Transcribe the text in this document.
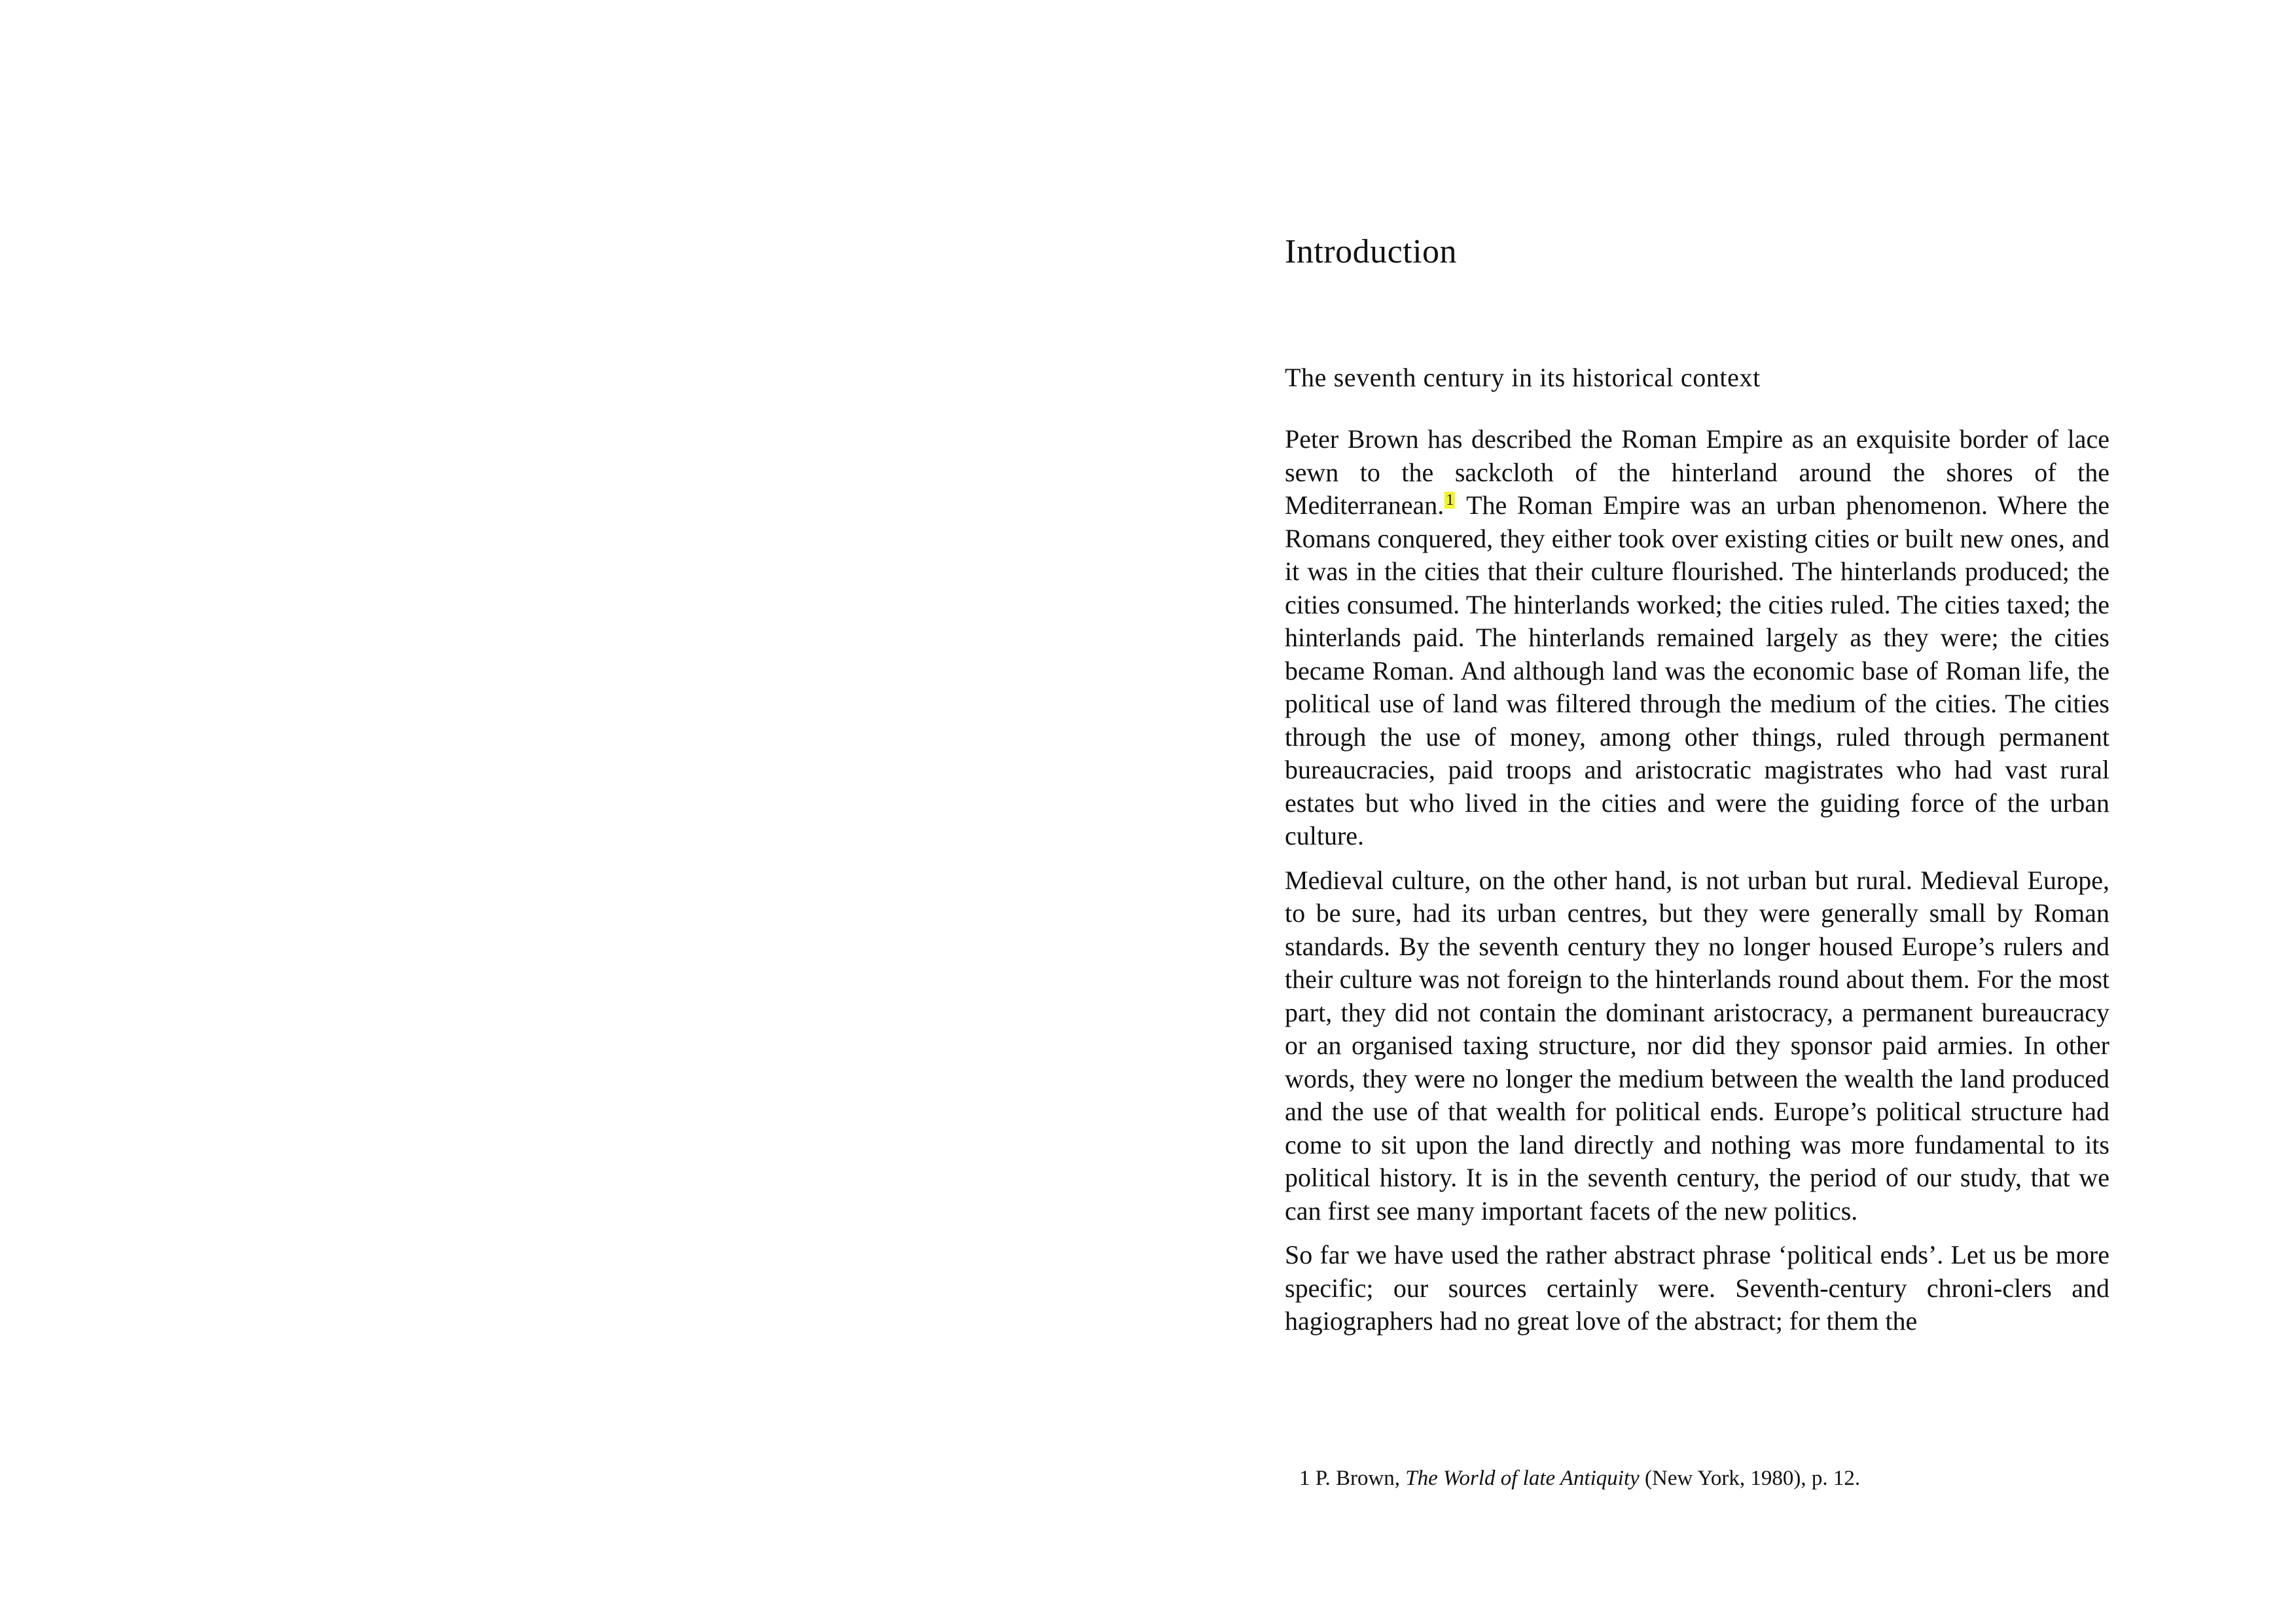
Introduction
The seventh century in its historical context

Peter Brown has described the Roman Empire as an exquisite border of lace sewn to the sackcloth of the hinterland around the shores of the Mediterranean. $^1$ The Roman Empire was an urban phenomenon. Where the Romans conquered, they either took over existing cities or built new ones, and it was in the cities that their culture flourished. The hinterlands produced; the cities consumed. The hinterlands worked; the cities ruled. The cities taxed; the hinterlands paid. The hinterlands remained largely as they were; the cities became Roman. And although land was the economic base of Roman life, the political use of land was filtered through the medium of the cities. The cities through the use of money, among other things, ruled through permanent bureaucracies, paid troops and aristocratic magistrates who had vast rural estates but who lived in the cities and were the guiding force of the urban culture.

Medieval culture, on the other hand, is not urban but rural. Medieval Europe, to be sure, had its urban centres, but they were generally small by Roman standards. By the seventh century they no longer housed Europe’s rulers and their culture was not foreign to the hinterlands round about them. For the most part, they did not contain the dominant aristocracy, a permanent bureaucracy or an organised taxing structure, nor did they sponsor paid armies. In other words, they were no longer the medium between the wealth the land produced and the use of that wealth for political ends. Europe’s political structure had come to sit upon the land directly and nothing was more fundamental to its political history. It is in the seventh century, the period of our study, that we can first see many important facets of the new politics.

So far we have used the rather abstract phrase ‘political ends’. Let us be more specific; our sources certainly were. Seventh-century chroni-clers and hagiographers had no great love of the abstract; for them the

1 P. Brown, The World of late Antiquity (New York, 1980), p. 12.
